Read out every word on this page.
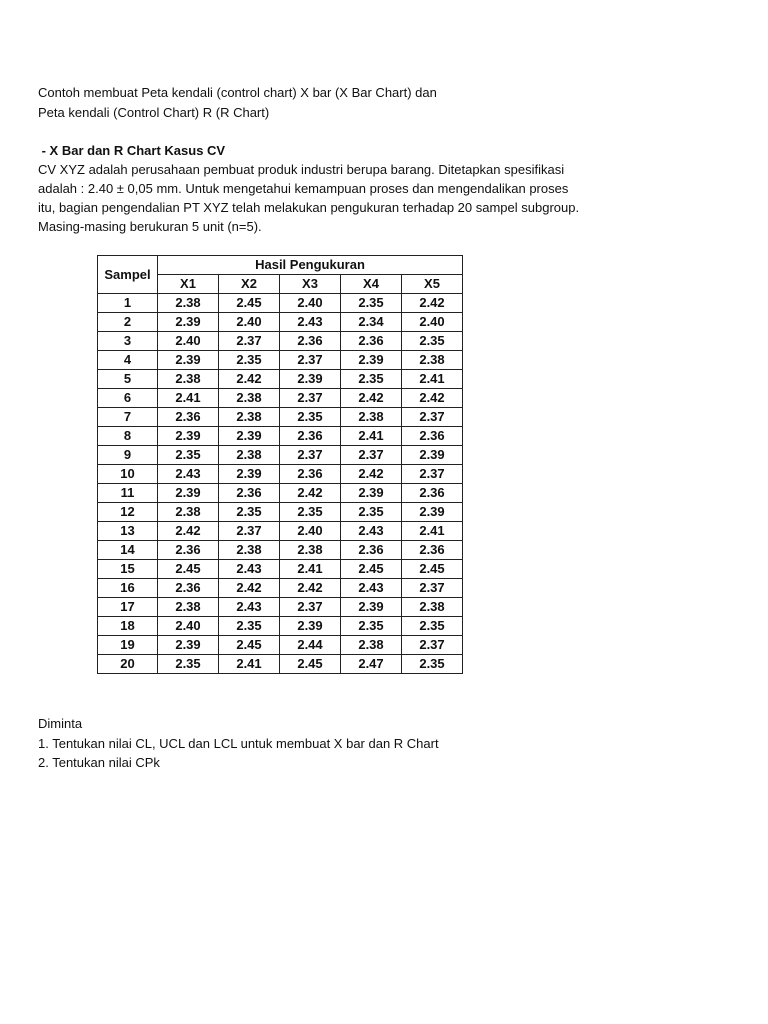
Contoh membuat Peta kendali (control chart) X bar (X Bar Chart) dan
Peta kendali (Control Chart) R (R Chart)
- X Bar dan R Chart Kasus CV
CV XYZ adalah perusahaan pembuat produk industri berupa barang. Ditetapkan spesifikasi
adalah : 2.40 ± 0,05 mm. Untuk mengetahui kemampuan proses dan mengendalikan proses
itu, bagian pengendalian PT XYZ telah melakukan pengukuran terhadap 20 sampel subgroup.
Masing-masing berukuran 5 unit (n=5).
Sampel	Hasil Pengukuran				
	X1	X2	X3	X4	X5
1	2.38	2.45	2.40	2.35	2.42
2	2.39	2.40	2.43	2.34	2.40
3	2.40	2.37	2.36	2.36	2.35
4	2.39	2.35	2.37	2.39	2.38
5	2.38	2.42	2.39	2.35	2.41
6	2.41	2.38	2.37	2.42	2.42
7	2.36	2.38	2.35	2.38	2.37
8	2.39	2.39	2.36	2.41	2.36
9	2.35	2.38	2.37	2.37	2.39
10	2.43	2.39	2.36	2.42	2.37
11	2.39	2.36	2.42	2.39	2.36
12	2.38	2.35	2.35	2.35	2.39
13	2.42	2.37	2.40	2.43	2.41
14	2.36	2.38	2.38	2.36	2.36
15	2.45	2.43	2.41	2.45	2.45
16	2.36	2.42	2.42	2.43	2.37
17	2.38	2.43	2.37	2.39	2.38
18	2.40	2.35	2.39	2.35	2.35
19	2.39	2.45	2.44	2.38	2.37
20	2.35	2.41	2.45	2.47	2.35
Diminta
1. Tentukan nilai CL, UCL dan LCL untuk membuat X bar dan R Chart
2. Tentukan nilai CPk
